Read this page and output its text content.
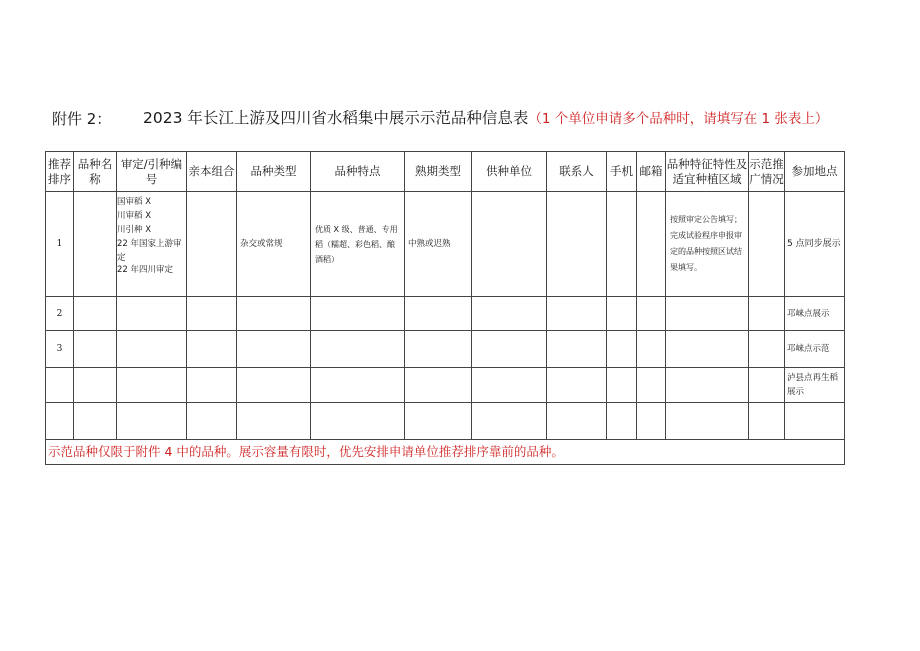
附件 2： 2023 年长江上游及四川省水稻集中展示示范品种信息表（1 个单位申请多个品种时，请填写在 1 张表上）
推荐排序	品种名称	审定/引种编号	亲本组合	品种类型	品种特点	熟期类型	供种单位	联系人	手机	邮箱	品种特征特性及适宜种植区域	示范推广情况	参加地点
1		国审稻 X
川审稻 X
川引种 X
22 年国家上游审定
22 年四川审定		杂交或常规	优质 X 级、普通、专用稻（糯超、彩色稻、酿酒稻）	中熟或迟熟					按照审定公告填写；完成试验程序申报审定的品种按照区试结果填写。		5 点同步展示
2													邛崃点展示
3													邛崃点示范
													泸县点再生稻展示

示范品种仅限于附件 4 中的品种。展示容量有限时，优先安排申请单位推荐排序靠前的品种。													
